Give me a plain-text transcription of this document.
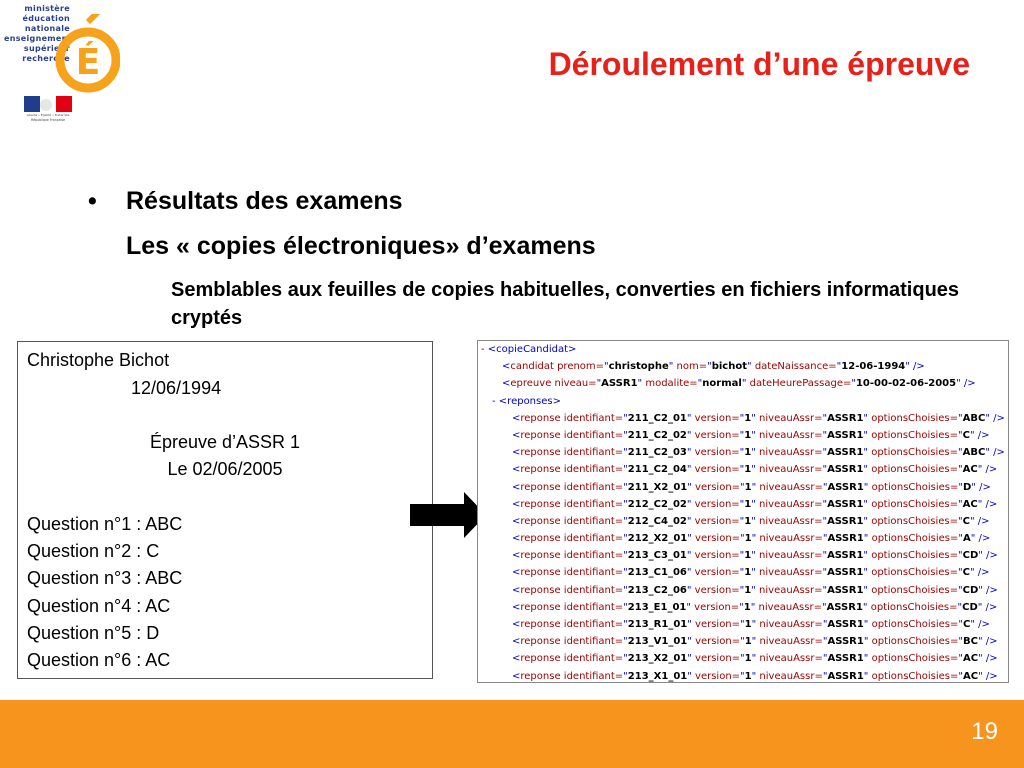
ministère
éducation
nationale
enseignement
supérieur
recherche É
Liberté • Égalité • Fraternité
République Française
Déroulement d’une épreuve
• Résultats des examens
Les « copies électroniques» d’examens
Semblables aux feuilles de copies habituelles, converties en fichiers informatiques cryptés
Christophe Bichot
12/06/1994
Épreuve d’ASSR 1
Le 02/06/2005
Question n°1 : ABC
Question n°2 : C
Question n°3 : ABC
Question n°4 : AC
Question n°5 : D
Question n°6 : AC
- <copieCandidat>
<candidat prenom="christophe" nom="bichot" dateNaissance="12-06-1994" />
<epreuve niveau="ASSR1" modalite="normal" dateHeurePassage="10-00-02-06-2005" />
- <reponses>
<reponse identifiant="211_C2_01" version="1" niveauAssr="ASSR1" optionsChoisies="ABC" />
<reponse identifiant="211_C2_02" version="1" niveauAssr="ASSR1" optionsChoisies="C" />
<reponse identifiant="211_C2_03" version="1" niveauAssr="ASSR1" optionsChoisies="ABC" />
<reponse identifiant="211_C2_04" version="1" niveauAssr="ASSR1" optionsChoisies="AC" />
<reponse identifiant="211_X2_01" version="1" niveauAssr="ASSR1" optionsChoisies="D" />
<reponse identifiant="212_C2_02" version="1" niveauAssr="ASSR1" optionsChoisies="AC" />
<reponse identifiant="212_C4_02" version="1" niveauAssr="ASSR1" optionsChoisies="C" />
<reponse identifiant="212_X2_01" version="1" niveauAssr="ASSR1" optionsChoisies="A" />
<reponse identifiant="213_C3_01" version="1" niveauAssr="ASSR1" optionsChoisies="CD" />
<reponse identifiant="213_C1_06" version="1" niveauAssr="ASSR1" optionsChoisies="C" />
<reponse identifiant="213_C2_06" version="1" niveauAssr="ASSR1" optionsChoisies="CD" />
<reponse identifiant="213_E1_01" version="1" niveauAssr="ASSR1" optionsChoisies="CD" />
<reponse identifiant="213_R1_01" version="1" niveauAssr="ASSR1" optionsChoisies="C" />
<reponse identifiant="213_V1_01" version="1" niveauAssr="ASSR1" optionsChoisies="BC" />
<reponse identifiant="213_X2_01" version="1" niveauAssr="ASSR1" optionsChoisies="AC" />
<reponse identifiant="213_X1_01" version="1" niveauAssr="ASSR1" optionsChoisies="AC" />
19
